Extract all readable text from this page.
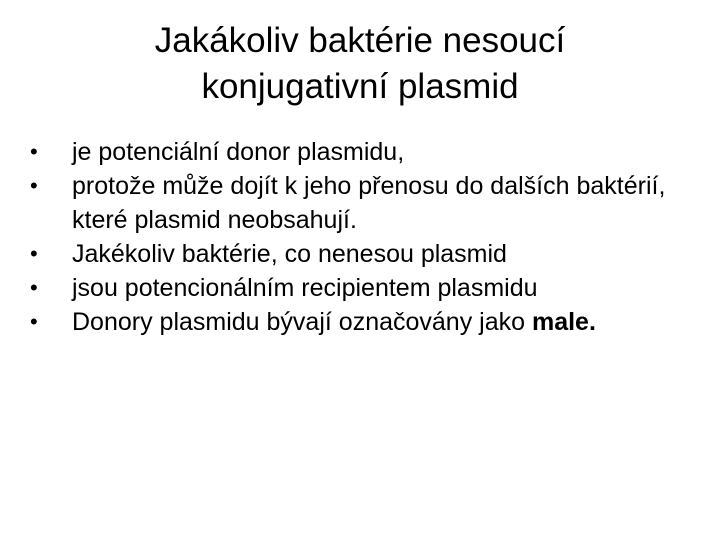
Jakákoliv baktérie nesoucí
konjugativní plasmid
•	je potenciální donor plasmidu,
•	protože může dojít k jeho přenosu do dalších baktérií, které plasmid neobsahují.
•	Jakékoliv baktérie, co nenesou plasmid
•	jsou potencionálním recipientem plasmidu
•	Donory plasmidu bývají označovány jako male.
